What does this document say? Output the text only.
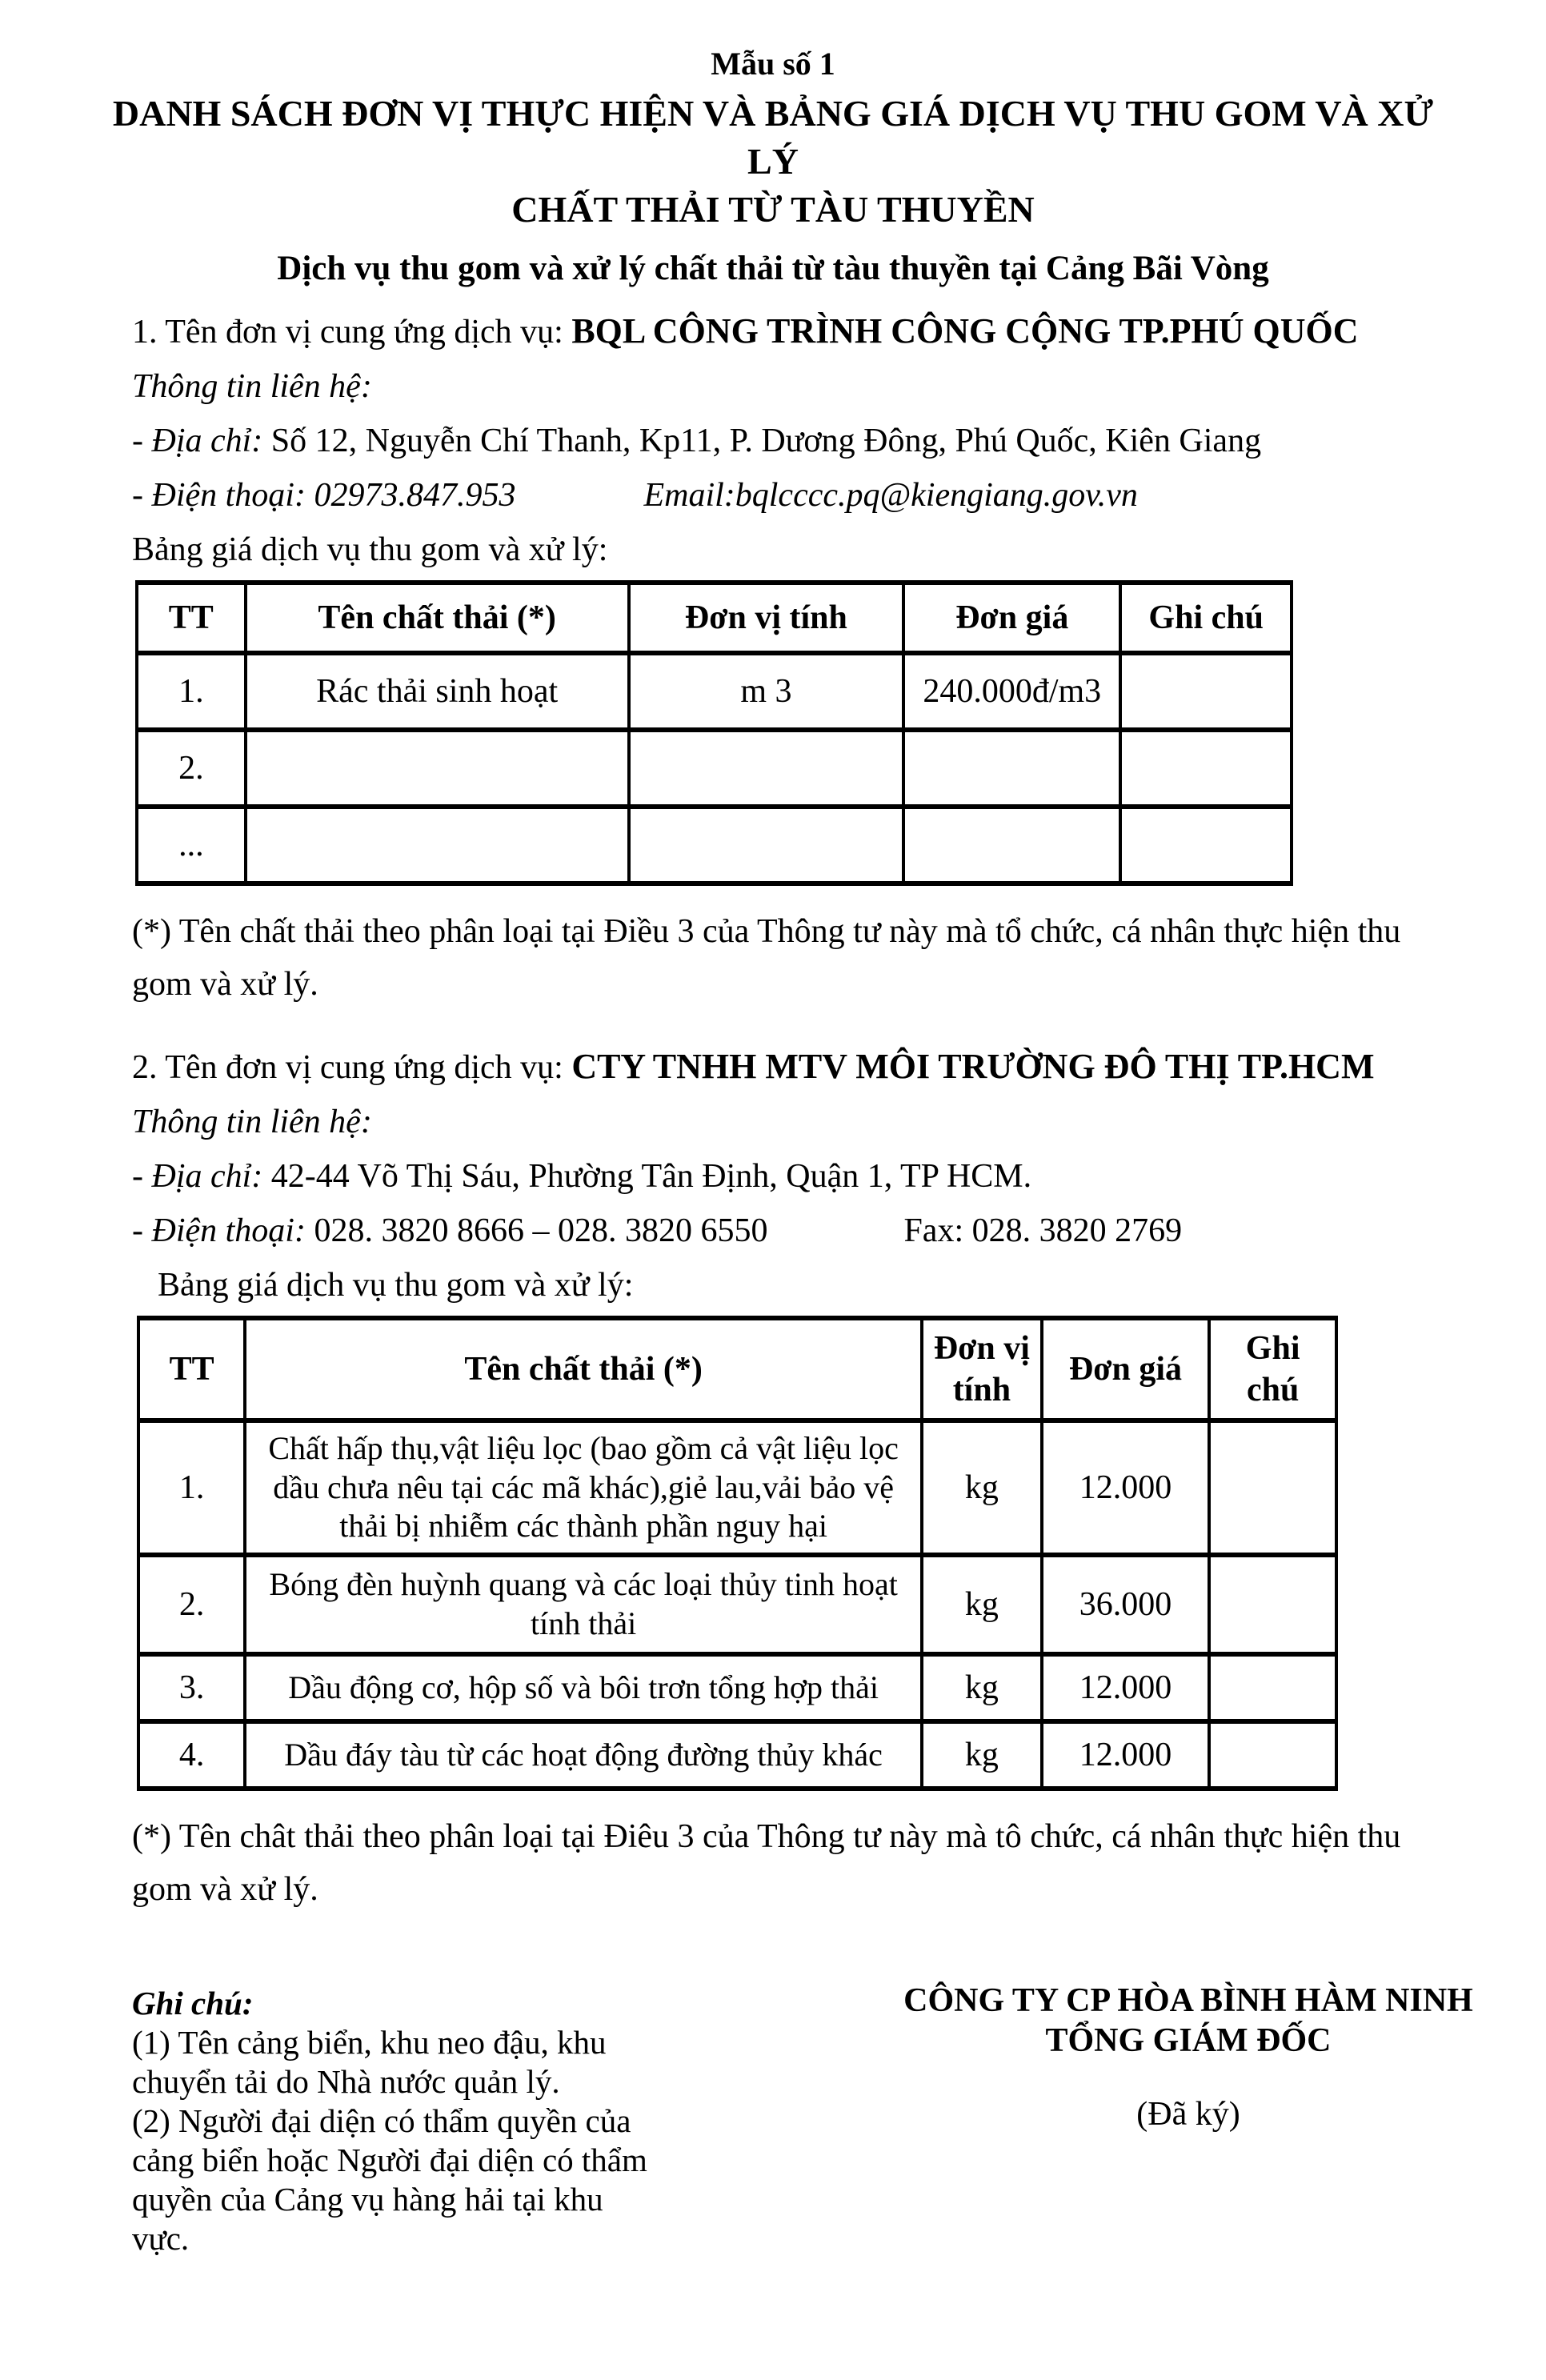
Mẫu số 1
DANH SÁCH ĐƠN VỊ THỰC HIỆN VÀ BẢNG GIÁ DỊCH VỤ THU GOM VÀ XỬ LÝ
CHẤT THẢI TỪ TÀU THUYỀN
Dịch vụ thu gom và xử lý chất thải từ tàu thuyền tại Cảng Bãi Vòng

1. Tên đơn vị cung ứng dịch vụ: BQL CÔNG TRÌNH CÔNG CỘNG TP.PHÚ QUỐC

Thông tin liên hệ:

- Địa chỉ: Số 12, Nguyễn Chí Thanh, Kp11, P. Dương Đông, Phú Quốc, Kiên Giang

- Điện thoại: 02973.847.953	Email:bqlcccc.pq@kiengiang.gov.vn

Bảng giá dịch vụ thu gom và xử lý:

TT	Tên chất thải (*)	Đơn vị tính	Đơn giá	Ghi chú
1.	Rác thải sinh hoạt	m 3	240.000đ/m3	
2.				
...				

(*) Tên chất thải theo phân loại tại Điều 3 của Thông tư này mà tổ chức, cá nhân thực hiện thu gom và xử lý.

2. Tên đơn vị cung ứng dịch vụ: CTY TNHH MTV MÔI TRƯỜNG ĐÔ THỊ TP.HCM

Thông tin liên hệ:

- Địa chỉ: 42-44 Võ Thị Sáu, Phường Tân Định, Quận 1, TP HCM.

- Điện thoại: 028. 3820 8666 – 028. 3820 6550	Fax: 028. 3820 2769

Bảng giá dịch vụ thu gom và xử lý:

TT	Tên chất thải (*)	Đơn vị tính	Đơn giá	Ghi chú
1.	Chất hấp thụ,vật liệu lọc (bao gồm cả vật liệu lọc dầu chưa nêu tại các mã khác),giẻ lau,vải bảo vệ thải bị nhiễm các thành phần nguy hại	kg	12.000	
2.	Bóng đèn huỳnh quang và các loại thủy tinh hoạt tính thải	kg	36.000	
3.	Dầu động cơ, hộp số và bôi trơn tổng hợp thải	kg	12.000	
4.	Dầu đáy tàu từ các hoạt động đường thủy khác	kg	12.000	

(*) Tên chât thải theo phân loại tại Điêu 3 của Thông tư này mà tô chức, cá nhân thực hiện thu gom và xử lý.

Ghi chú:

(1) Tên cảng biển, khu neo đậu, khu chuyển tải do Nhà nước quản lý.

(2) Người đại diện có thẩm quyền của cảng biển hoặc Người đại diện có thẩm quyền của Cảng vụ hàng hải tại khu vực.

CÔNG TY CP HÒA BÌNH HÀM NINH
TỔNG GIÁM ĐỐC
(Đã ký)
